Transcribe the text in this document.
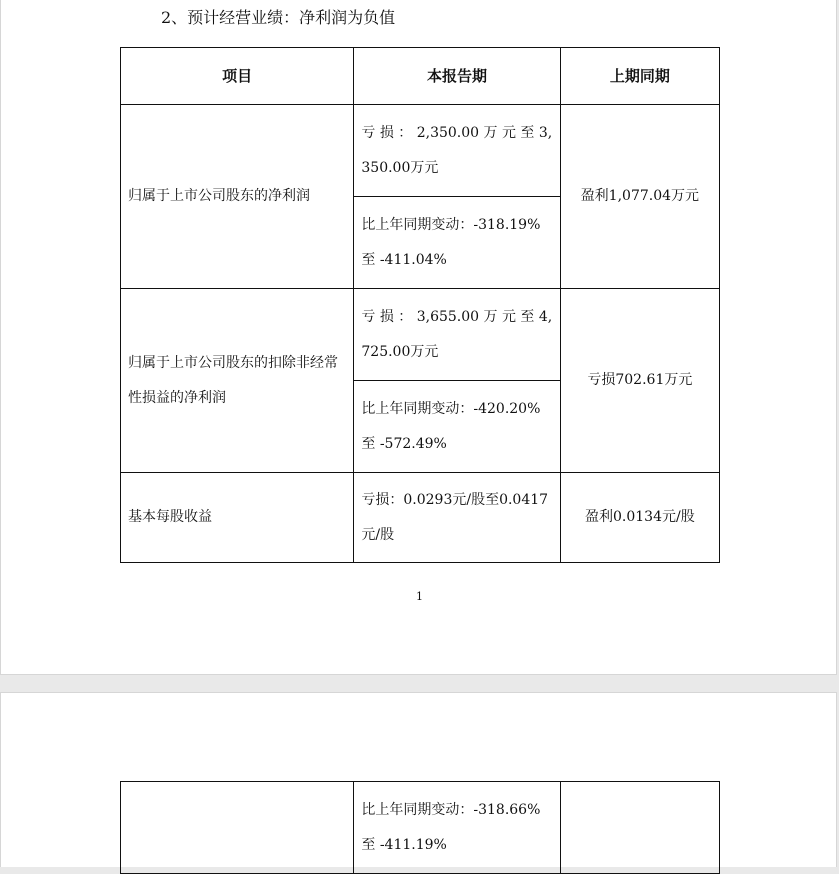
2、预计经营业绩：净利润为负值
项目	本报告期	上期同期
归属于上市公司股东的净利润	亏 损 ： 2,350.00 万 元 至 3,350.00万元	盈利1,077.04万元
	比上年同期变动：-318.19%至 -411.04%	
归属于上市公司股东的扣除非经常性损益的净利润	亏 损 ： 3,655.00 万 元 至 4,725.00万元	亏损702.61万元
	比上年同期变动：-420.20%至 -572.49%	
基本每股收益	亏损：0.0293元/股至0.0417 元/股	盈利0.0134元/股
1
	比上年同期变动：-318.66%至 -411.19%	
